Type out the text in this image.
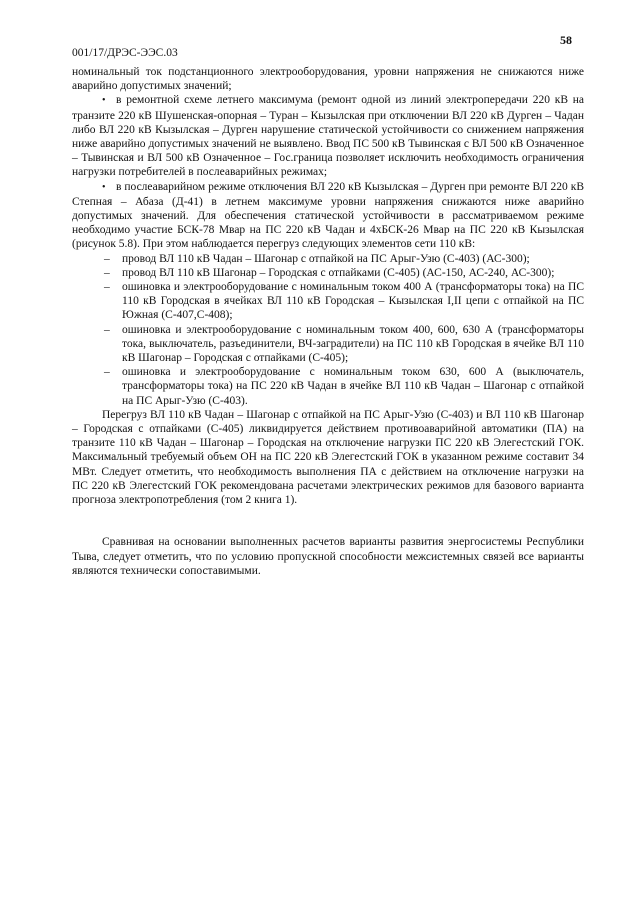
58
001/17/ДРЭС-ЭЭС.03

номинальный ток подстанционного электрооборудования, уровни напряжения не снижаются ниже аварийно допустимых значений;

• в ремонтной схеме летнего максимума (ремонт одной из линий электропередачи 220 кВ на транзите 220 кВ Шушенская-опорная – Туран – Кызылская при отключении ВЛ 220 кВ Дурген – Чадан либо ВЛ 220 кВ Кызылская – Дурген нарушение статической устойчивости со снижением напряжения ниже аварийно допустимых значений не выявлено. Ввод ПС 500 кВ Тывинская с ВЛ 500 кВ Означенное – Тывинская и ВЛ 500 кВ Означенное – Гос.граница позволяет исключить необходимость ограничения нагрузки потребителей в послеаварийных режимах;
• в послеаварийном режиме отключения ВЛ 220 кВ Кызылская – Дурген при ремонте ВЛ 220 кВ Степная – Абаза (Д-41) в летнем максимуме уровни напряжения снижаются ниже аварийно допустимых значений. Для обеспечения статической устойчивости в рассматриваемом режиме необходимо участие БСК-78 Мвар на ПС 220 кВ Чадан и 4хБСК-26 Мвар на ПС 220 кВ Кызылская (рисунок 5.8). При этом наблюдается перегруз следующих элементов сети 110 кВ:
– провод ВЛ 110 кВ Чадан – Шагонар с отпайкой на ПС Арыг-Узю (С-403) (АС-300);
– провод ВЛ 110 кВ Шагонар – Городская с отпайками (С-405) (АС-150, АС-240, АС-300);
– ошиновка и электрооборудование с номинальным током 400 А (трансформаторы тока) на ПС 110 кВ Городская в ячейках ВЛ 110 кВ Городская – Кызылская I,II цепи с отпайкой на ПС Южная (С-407,С-408);
– ошиновка и электрооборудование с номинальным током 400, 600, 630 А (трансформаторы тока, выключатель, разъединители, ВЧ-заградители) на ПС 110 кВ Городская в ячейке ВЛ 110 кВ Шагонар – Городская с отпайками (С-405);
– ошиновка и электрооборудование с номинальным током 630, 600 А (выключатель, трансформаторы тока) на ПС 220 кВ Чадан в ячейке ВЛ 110 кВ Чадан – Шагонар с отпайкой на ПС Арыг-Узю (С-403).

Перегруз ВЛ 110 кВ Чадан – Шагонар с отпайкой на ПС Арыг-Узю (С-403) и ВЛ 110 кВ Шагонар – Городская с отпайками (С-405) ликвидируется действием противоаварийной автоматики (ПА) на транзите 110 кВ Чадан – Шагонар – Городская на отключение нагрузки ПС 220 кВ Элегестский ГОК. Максимальный требуемый объем ОН на ПС 220 кВ Элегестский ГОК в указанном режиме составит 34 МВт. Следует отметить, что необходимость выполнения ПА с действием на отключение нагрузки на ПС 220 кВ Элегестский ГОК рекомендована расчетами электрических режимов для базового варианта прогноза электропотребления (том 2 книга 1).

Сравнивая на основании выполненных расчетов варианты развития энергосистемы Республики Тыва, следует отметить, что по условию пропускной способности межсистемных связей все варианты являются технически сопоставимыми.
